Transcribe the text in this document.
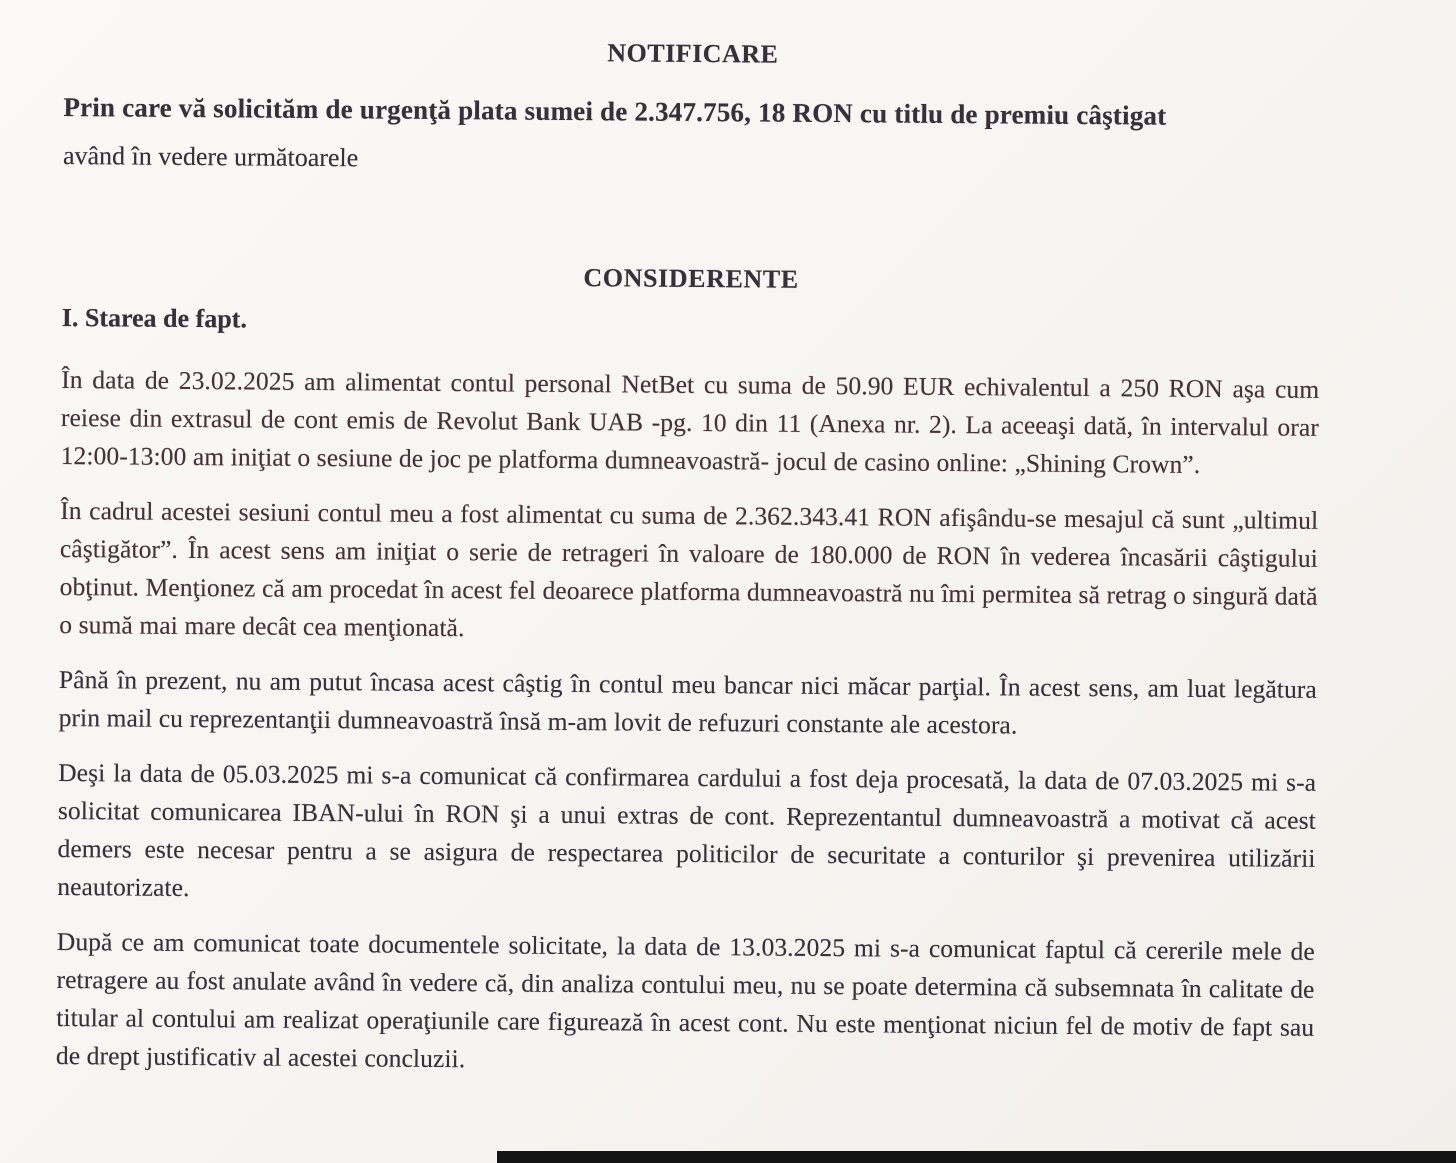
NOTIFICARE

Prin care vă solicităm de urgenţă plata sumei de 2.347.756, 18 RON cu titlu de premiu câştigat

având în vedere următoarele

CONSIDERENTE
I. Starea de fapt.

În data de 23.02.2025 am alimentat contul personal NetBet cu suma de 50.90 EUR echivalentul a 250 RON aşa cum reiese din extrasul de cont emis de Revolut Bank UAB -pg. 10 din 11 (Anexa nr. 2). La aceeaşi dată, în intervalul orar 12:00-13:00 am iniţiat o sesiune de joc pe platforma dumneavoastră- jocul de casino online: „Shining Crown”.

În cadrul acestei sesiuni contul meu a fost alimentat cu suma de 2.362.343.41 RON afişându-se mesajul că sunt „ultimul câştigător”. În acest sens am iniţiat o serie de retrageri în valoare de 180.000 de RON în vederea încasării câştigului obţinut. Menţionez că am procedat în acest fel deoarece platforma dumneavoastră nu îmi permitea să retrag o singură dată o sumă mai mare decât cea menţionată.

Până în prezent, nu am putut încasa acest câştig în contul meu bancar nici măcar parţial. În acest sens, am luat legătura prin mail cu reprezentanţii dumneavoastră însă m-am lovit de refuzuri constante ale acestora.

Deşi la data de 05.03.2025 mi s-a comunicat că confirmarea cardului a fost deja procesată, la data de 07.03.2025 mi s-a solicitat comunicarea IBAN-ului în RON şi a unui extras de cont. Reprezentantul dumneavoastră a motivat că acest demers este necesar pentru a se asigura de respectarea politicilor de securitate a conturilor şi prevenirea utilizării neautorizate.

După ce am comunicat toate documentele solicitate, la data de 13.03.2025 mi s-a comunicat faptul că cererile mele de retragere au fost anulate având în vedere că, din analiza contului meu, nu se poate determina că subsemnata în calitate de titular al contului am realizat operaţiunile care figurează în acest cont. Nu este menţionat niciun fel de motiv de fapt sau de drept justificativ al acestei concluzii.
